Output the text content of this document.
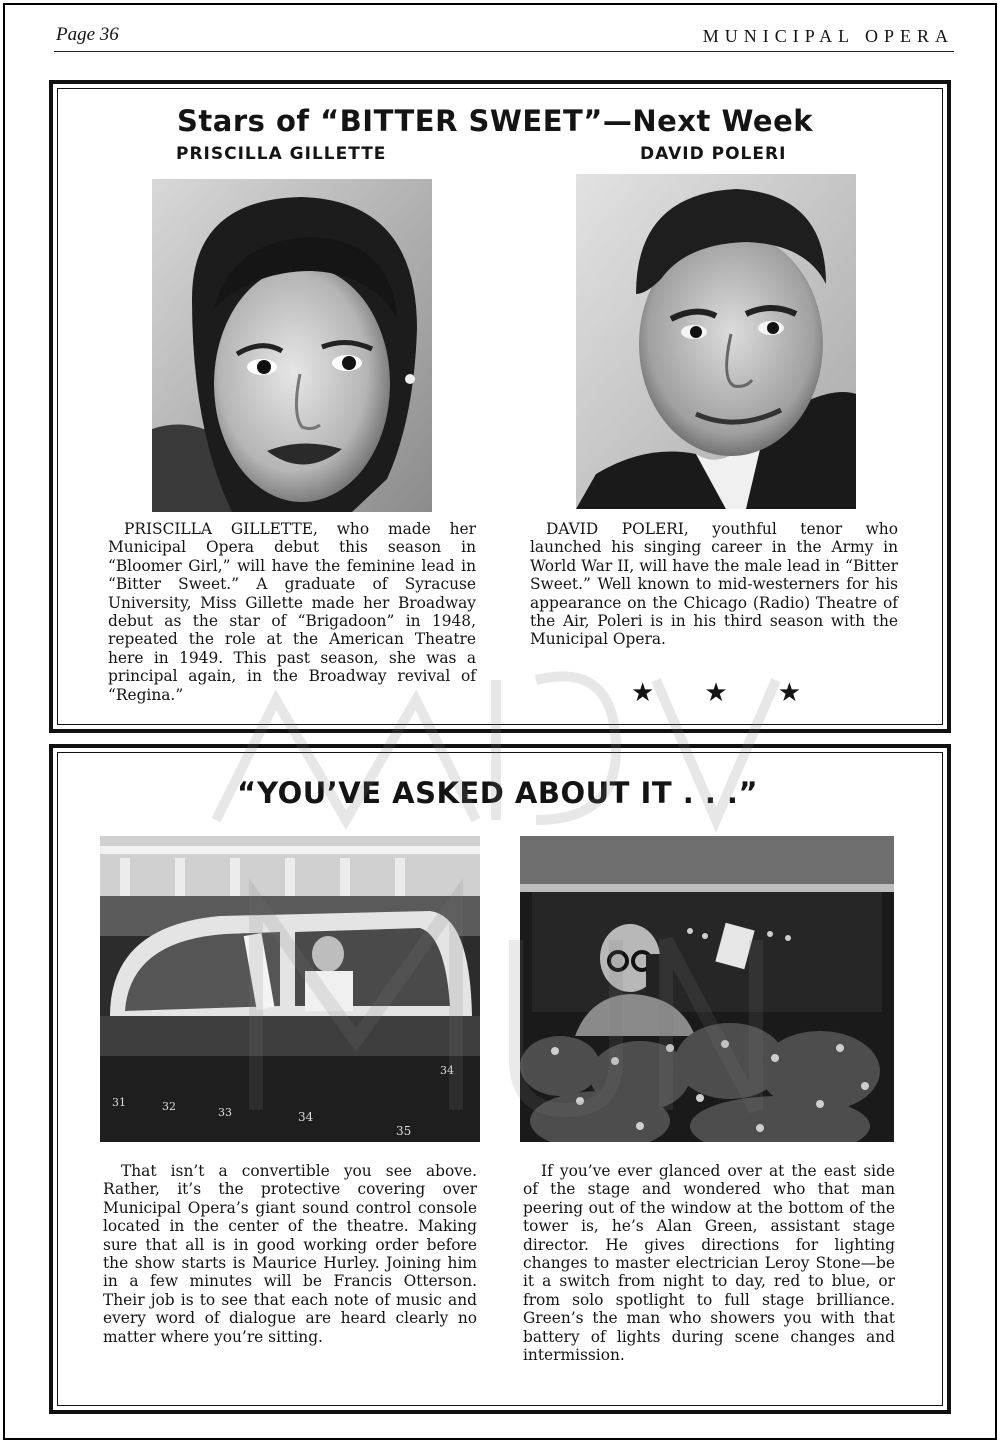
Page 36	MUNICIPAL OPERA
Stars of “BITTER SWEET”—Next Week
PRISCILLA GILLETTE	DAVID POLERI
PRISCILLA GILLETTE, who made her Municipal Opera debut this season in “Bloomer Girl,” will have the feminine lead in “Bitter Sweet.” A graduate of Syracuse University, Miss Gillette made her Broadway debut as the star of “Brigadoon” in 1948, repeated the role at the American Theatre here in 1949. This past season, she was a principal again, in the Broadway revival of “Regina.”
DAVID POLERI, youthful tenor who launched his singing career in the Army in World War II, will have the male lead in “Bitter Sweet.” Well known to mid-westerners for his appearance on the Chicago (Radio) Theatre of the Air, Poleri is in his third season with the Municipal Opera.
★ ★ ★
“YOU’VE ASKED ABOUT IT . . .”
31	32	33
34
34
35
That isn’t a convertible you see above. Rather, it’s the protective covering over Municipal Opera’s giant sound control console located in the center of the theatre. Making sure that all is in good working order before the show starts is Maurice Hurley. Joining him in a few minutes will be Francis Otterson. Their job is to see that each note of music and every word of dialogue are heard clearly no matter where you’re sitting.
If you’ve ever glanced over at the east side of the stage and wondered who that man peering out of the window at the bottom of the tower is, he’s Alan Green, assistant stage director. He gives directions for lighting changes to master electrician Leroy Stone—be it a switch from night to day, red to blue, or from solo spotlight to full stage brilliance. Green’s the man who showers you with that battery of lights during scene changes and intermission.
